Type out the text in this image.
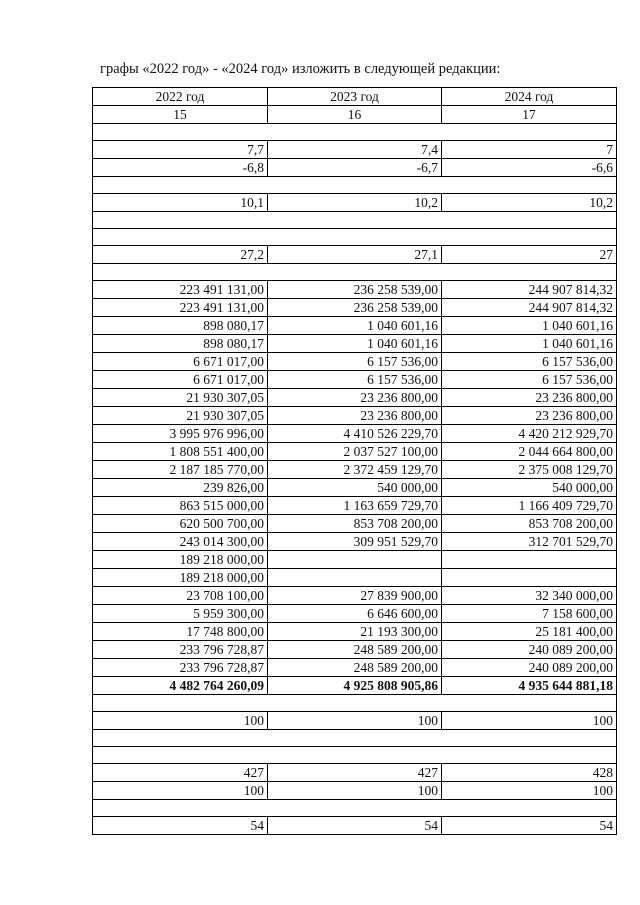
графы «2022 год» - «2024 год» изложить в следующей редакции:
2022 год	2023 год	2024 год
15	16	17

7,7	7,4	7
-6,8	-6,7	-6,6

10,1	10,2	10,2

27,2	27,1	27

223 491 131,00	236 258 539,00	244 907 814,32
223 491 131,00	236 258 539,00	244 907 814,32
898 080,17	1 040 601,16	1 040 601,16
898 080,17	1 040 601,16	1 040 601,16
6 671 017,00	6 157 536,00	6 157 536,00
6 671 017,00	6 157 536,00	6 157 536,00
21 930 307,05	23 236 800,00	23 236 800,00
21 930 307,05	23 236 800,00	23 236 800,00
3 995 976 996,00	4 410 526 229,70	4 420 212 929,70
1 808 551 400,00	2 037 527 100,00	2 044 664 800,00
2 187 185 770,00	2 372 459 129,70	2 375 008 129,70
239 826,00	540 000,00	540 000,00
863 515 000,00	1 163 659 729,70	1 166 409 729,70
620 500 700,00	853 708 200,00	853 708 200,00
243 014 300,00	309 951 529,70	312 701 529,70
189 218 000,00		
189 218 000,00		
23 708 100,00	27 839 900,00	32 340 000,00
5 959 300,00	6 646 600,00	7 158 600,00
17 748 800,00	21 193 300,00	25 181 400,00
233 796 728,87	248 589 200,00	240 089 200,00
233 796 728,87	248 589 200,00	240 089 200,00
4 482 764 260,09	4 925 808 905,86	4 935 644 881,18

100	100	100

427	427	428
100	100	100

54	54	54
